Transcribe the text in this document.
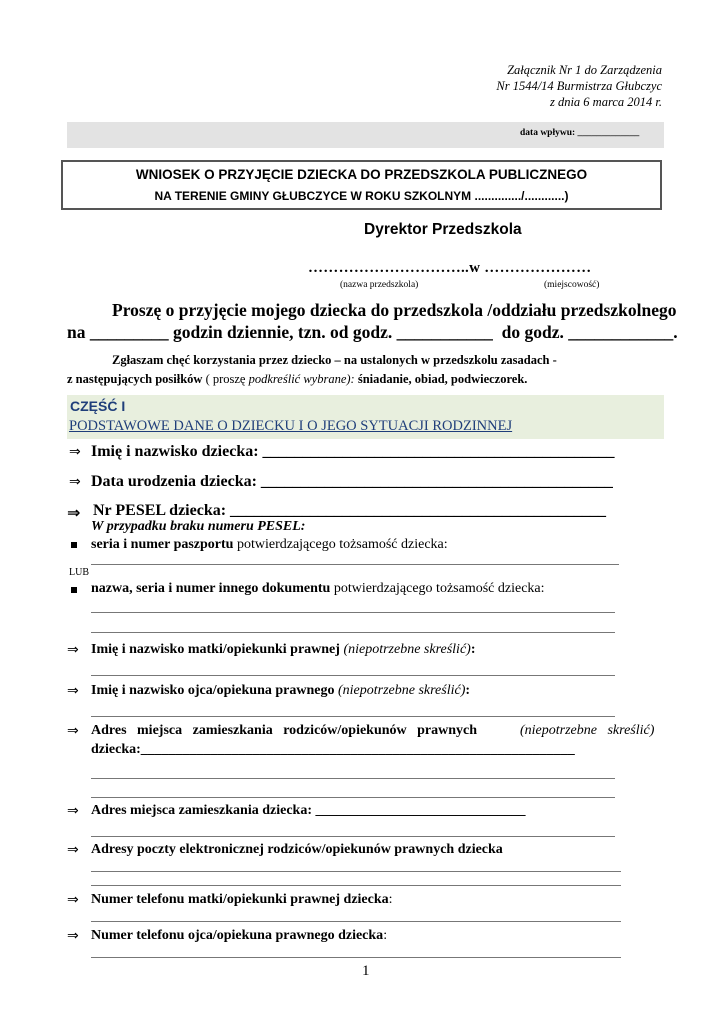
Załącznik Nr 1 do Zarządzenia
Nr 1544/14 Burmistrza Głubczyc
z dnia 6 marca 2014 r.
data wpływu: _____________
WNIOSEK O PRZYJĘCIE DZIECKA DO PRZEDSZKOLA PUBLICZNEGO
NA TERENIE GMINY GŁUBCZYCE W ROKU SZKOLNYM ............../............)
Dyrektor Przedszkola
…………………………..w …………………
(nazwa przedszkola)	(miejscowość)
Proszę o przyjęcie mojego dziecka do przedszkola /oddziału przedszkolnego
na _________ godzin dziennie, tzn. od godz. ___________  do godz. ____________.
Zgłaszam chęć korzystania przez dziecko – na ustalonych w przedszkolu zasadach -
z następujących posiłków ( proszę podkreślić wybrane): śniadanie, obiad, podwieczorek.
CZĘŚĆ I
PODSTAWOWE DANE O DZIECKU I O JEGO SYTUACJI RODZINNEJ
⇒ Imię i nazwisko dziecka: ____________________________________________
⇒ Data urodzenia dziecka: ____________________________________________
⇒ Nr PESEL dziecka: _______________________________________________
W przypadku braku numeru PESEL:
seria i numer paszportu potwierdzającego tożsamość dziecka:
LUB
nazwa, seria i numer innego dokumentu potwierdzającego tożsamość dziecka:
⇒ Imię i nazwisko matki/opiekunki prawnej (niepotrzebne skreślić):
⇒ Imię i nazwisko ojca/opiekuna prawnego (niepotrzebne skreślić):
⇒ Adres   miejsca   zamieszkania   rodziców/opiekunów   prawnych	(niepotrzebne   skreślić)
dziecka:______________________________________________________________
⇒ Adres miejsca zamieszkania dziecka: ______________________________
⇒ Adresy poczty elektronicznej rodziców/opiekunów prawnych dziecka
⇒ Numer telefonu matki/opiekunki prawnej dziecka:
⇒ Numer telefonu ojca/opiekuna prawnego dziecka:
1
